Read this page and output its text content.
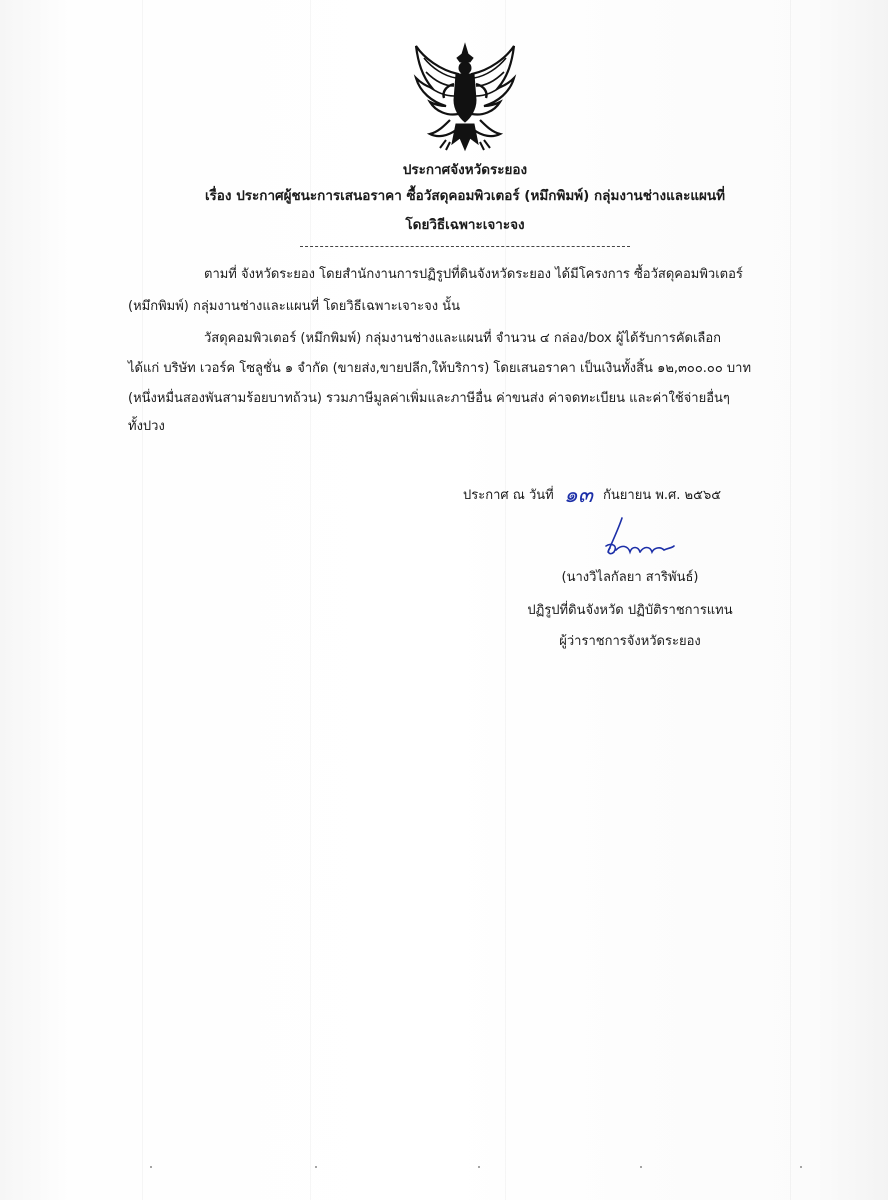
ประกาศจังหวัดระยอง
เรื่อง ประกาศผู้ชนะการเสนอราคา ซื้อวัสดุคอมพิวเตอร์ (หมึกพิมพ์) กลุ่มงานช่างและแผนที่
โดยวิธีเฉพาะเจาะจง
ตามที่ จังหวัดระยอง โดยสำนักงานการปฏิรูปที่ดินจังหวัดระยอง ได้มีโครงการ ซื้อวัสดุคอมพิวเตอร์
(หมึกพิมพ์) กลุ่มงานช่างและแผนที่ โดยวิธีเฉพาะเจาะจง นั้น
วัสดุคอมพิวเตอร์ (หมึกพิมพ์) กลุ่มงานช่างและแผนที่ จำนวน ๔ กล่อง/box ผู้ได้รับการคัดเลือก
ได้แก่ บริษัท เวอร์ค โซลูชั่น ๑ จำกัด (ขายส่ง,ขายปลีก,ให้บริการ) โดยเสนอราคา เป็นเงินทั้งสิ้น ๑๒,๓๐๐.๐๐ บาท
(หนึ่งหมื่นสองพันสามร้อยบาทถ้วน) รวมภาษีมูลค่าเพิ่มและภาษีอื่น ค่าขนส่ง ค่าจดทะเบียน และค่าใช้จ่ายอื่นๆ
ทั้งปวง
ประกาศ ณ วันที่ ๑๓ กันยายน พ.ศ. ๒๕๖๕
(นางวิไลกัลยา สาริพันธ์)
ปฏิรูปที่ดินจังหวัด ปฏิบัติราชการแทน
ผู้ว่าราชการจังหวัดระยอง
